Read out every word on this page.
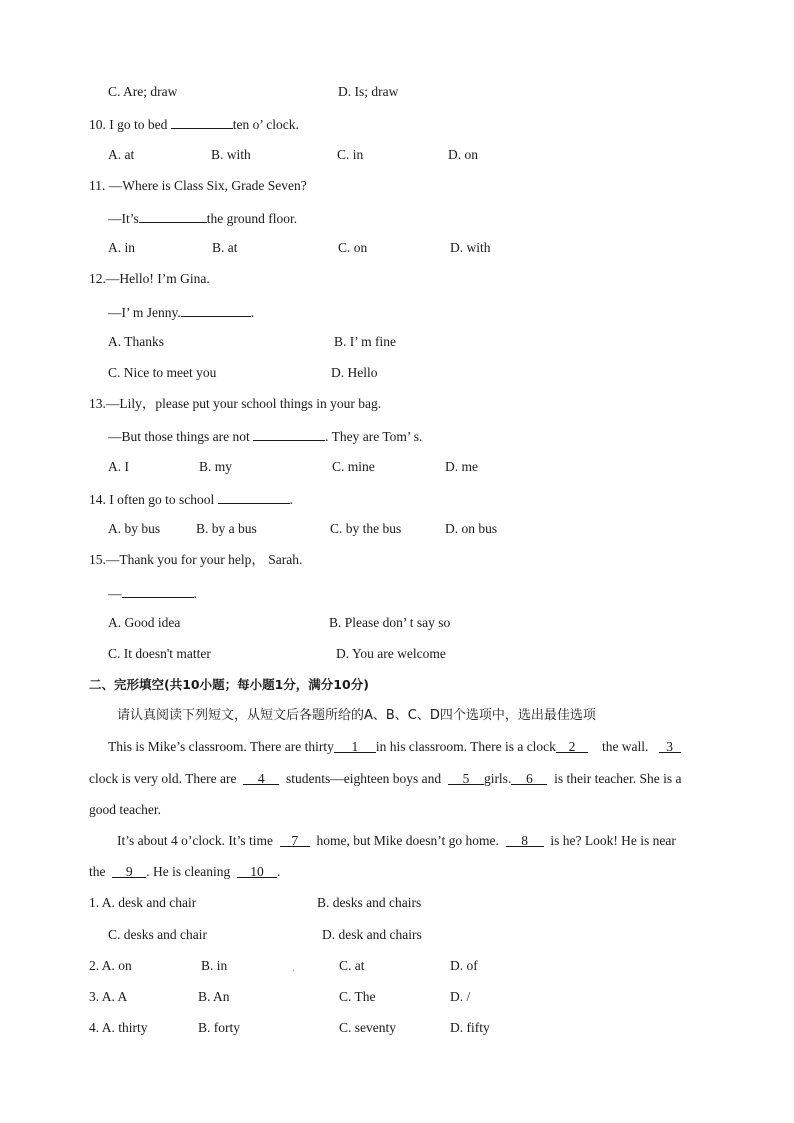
C. Are; draw	D. Is; draw
10. I go to bed	ten o’ clock.
A. at	B. with	C. in	D. on
11. —Where is Class Six, Grade Seven?
—It’s	the ground floor.
A. in	B. at	C. on	D. with
12.—Hello! I’m Gina.
—I’ m Jenny.	.
A. Thanks	B. I’ m fine
C. Nice to meet you	D. Hello
13.—Lily，please put your school things in your bag.
—But those things are not	. They are Tom’ s.
A. I	B. my	C. mine	D. me
14. I often go to school	.
A. by bus	B. by a bus	C. by the bus	D. on bus
15.—Thank you for your help， Sarah.
—	.
A. Good idea	B. Please don’ t say so
C. It doesn't matter	D. You are welcome
二、完形填空(共10小题；每小题1分，满分10分)
请认真阅读下列短文，从短文后各题所给的A、B、C、D四个选项中，选出最佳选项
This is Mike’s classroom. There are thirty 1 in his classroom. There is a clock 2 the wall. 3
clock is very old. There are 4 students—eighteen boys and 5 girls. 6 is their teacher. She is a
good teacher.
It’s about 4 o’clock. It’s time 7 home, but Mike doesn’t go home. 8 is he? Look! He is near
the 9 . He is cleaning 10 .
1. A. desk and chair	B. desks and chairs
C. desks and chair	D. desk and chairs
2. A. on	B. in	.	C. at	D. of
3. A. A	B. An	C. The	D. /
4. A. thirty	B. forty	C. seventy	D. fifty
